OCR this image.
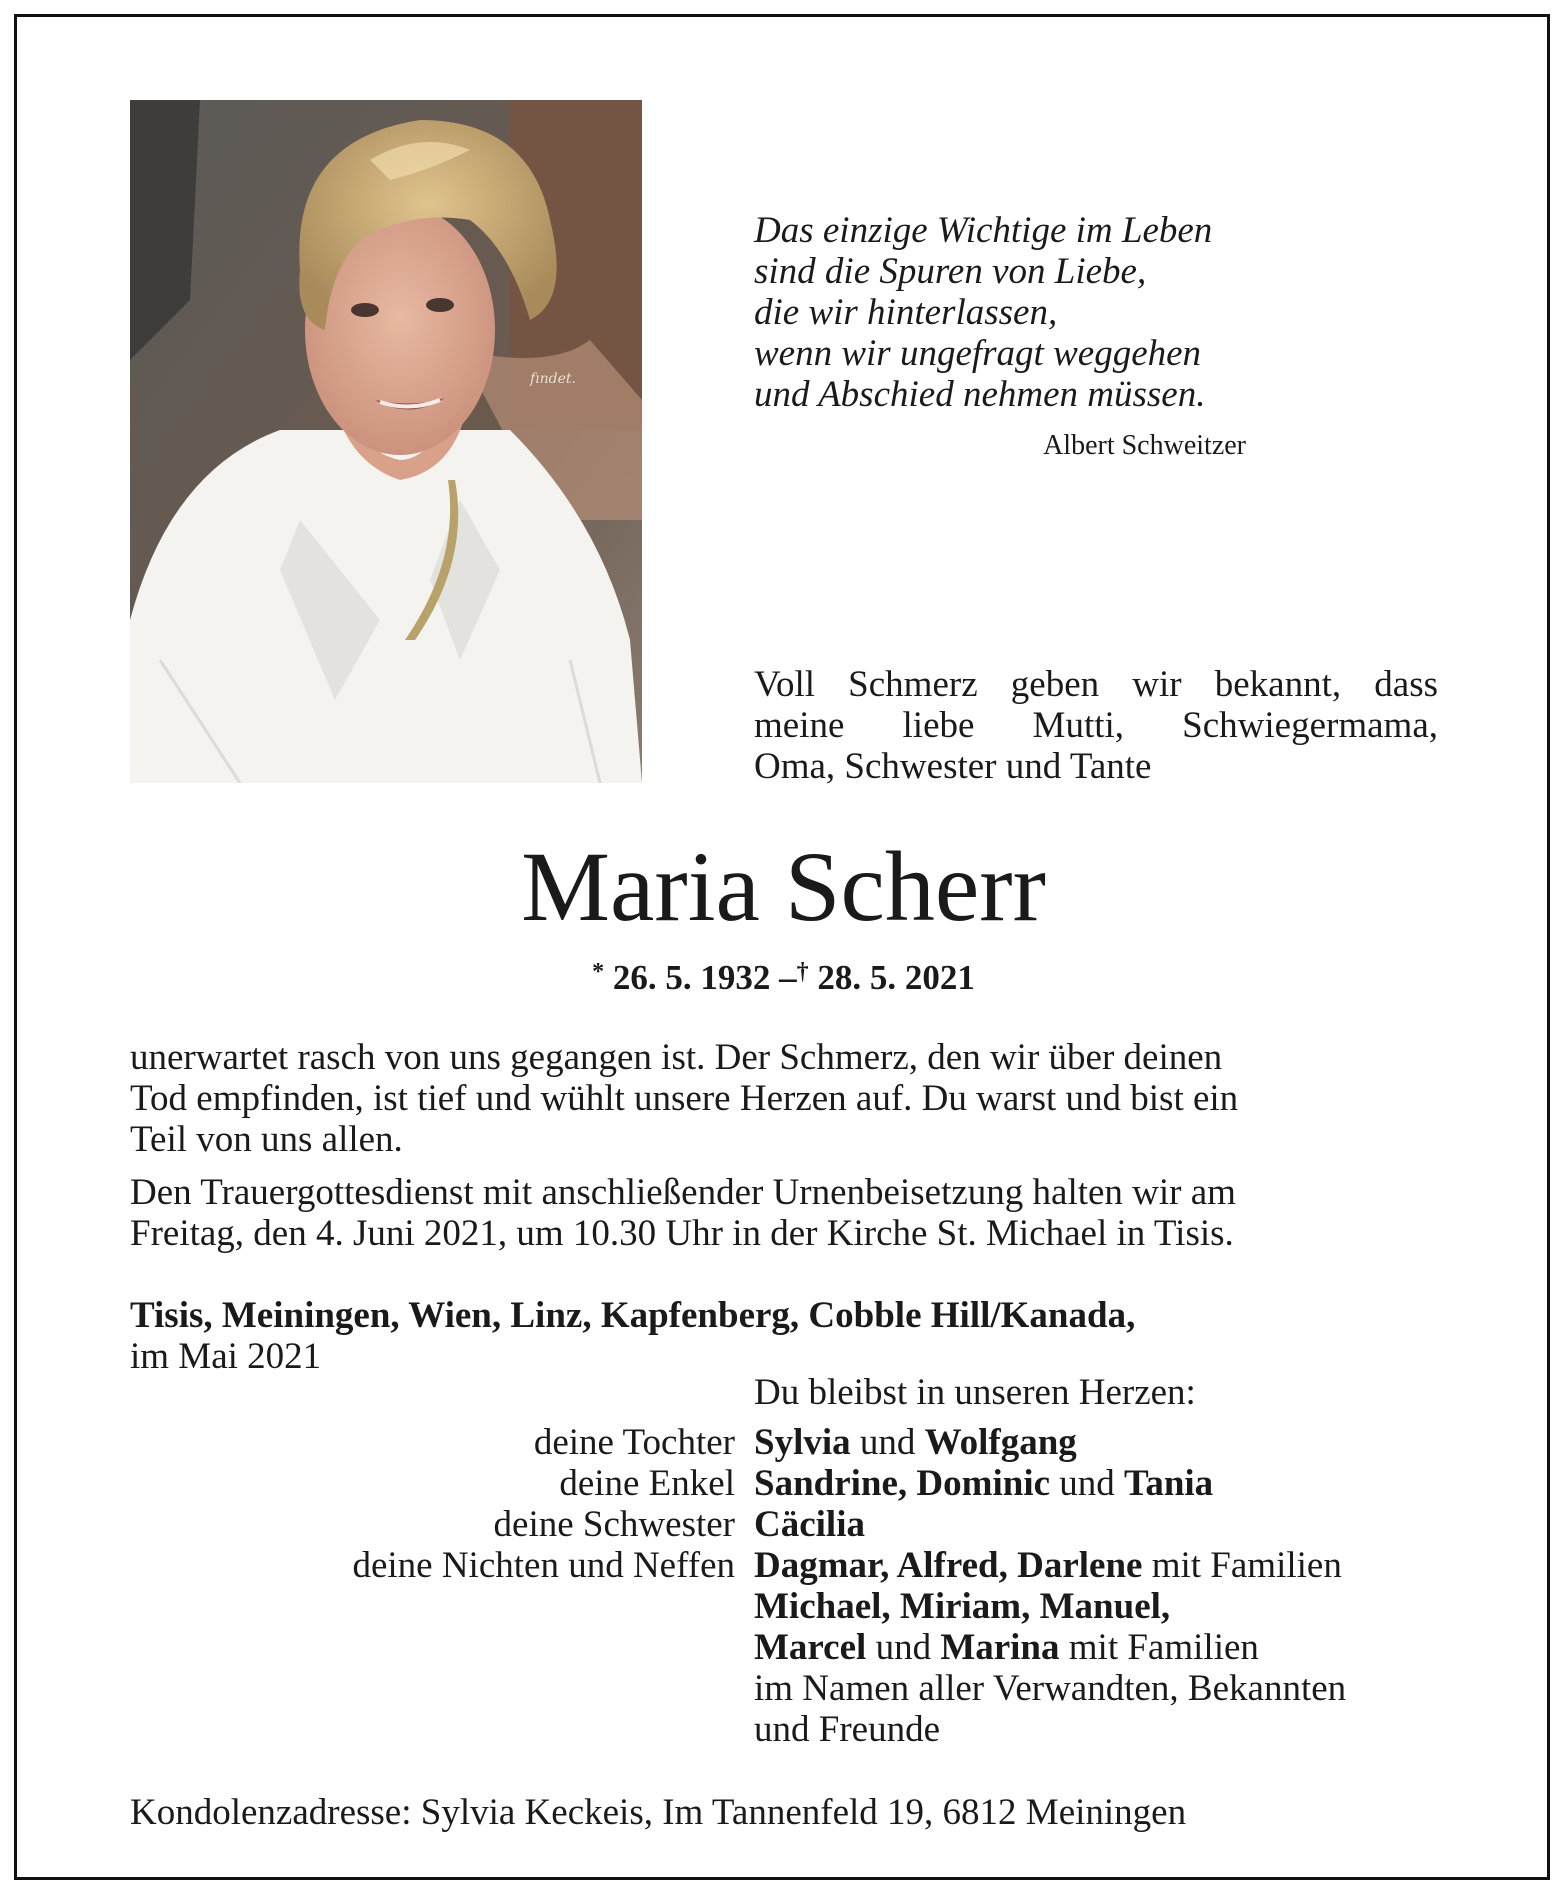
fındet.
Das einzige Wichtige im Leben
sind die Spuren von Liebe,
die wir hinterlassen,
wenn wir ungefragt weggehen
und Abschied nehmen müssen.
Albert Schweitzer
Voll Schmerz geben wir bekannt, dass
meine liebe Mutti, Schwiegermama,
Oma, Schwester und Tante
Maria Scherr
* 26. 5. 1932 –† 28. 5. 2021
unerwartet rasch von uns gegangen ist. Der Schmerz, den wir über deinen
Tod empfinden, ist tief und wühlt unsere Herzen auf. Du warst und bist ein
Teil von uns allen.
Den Trauergottesdienst mit anschließender Urnenbeisetzung halten wir am
Freitag, den 4. Juni 2021, um 10.30 Uhr in der Kirche St. Michael in Tisis.
Tisis, Meiningen, Wien, Linz, Kapfenberg, Cobble Hill/Kanada,
im Mai 2021
Du bleibst in unseren Herzen:
deine Tochter Sylvia und Wolfgang
deine Enkel Sandrine, Dominic und Tania
deine Schwester Cäcilia
deine Nichten und Neffen Dagmar, Alfred, Darlene mit Familien
Michael, Miriam, Manuel,
Marcel und Marina mit Familien
im Namen aller Verwandten, Bekannten
und Freunde
Kondolenzadresse: Sylvia Keckeis, Im Tannenfeld 19, 6812 Meiningen
